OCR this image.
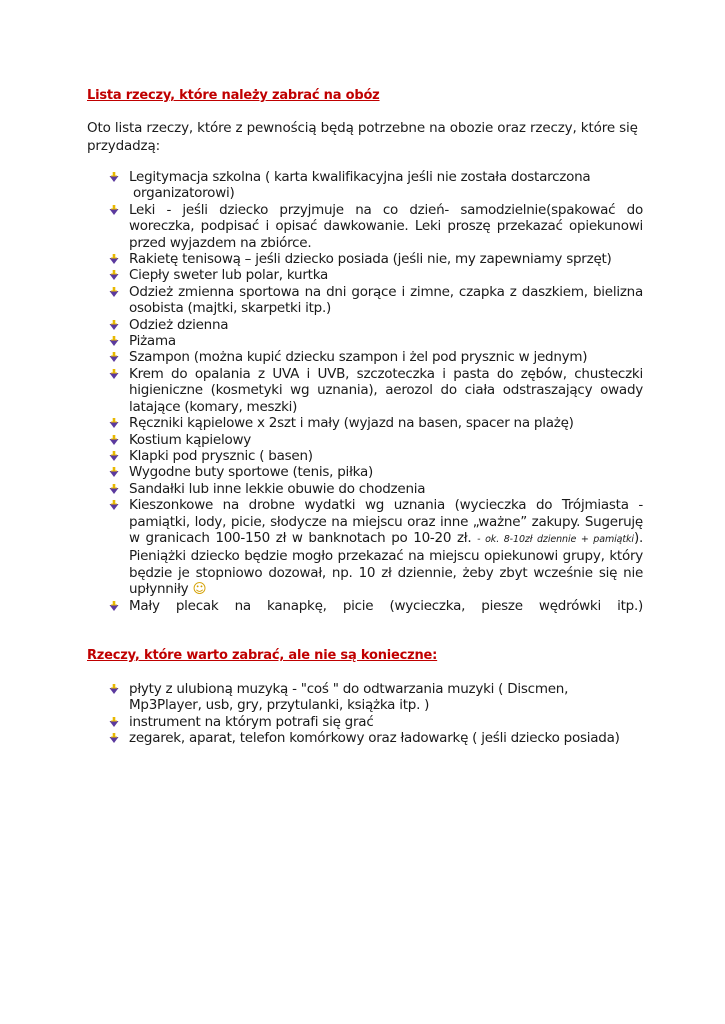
Lista rzeczy, które należy zabrać na obóz
Oto lista rzeczy, które z pewnością będą potrzebne na obozie oraz rzeczy, które się przydadzą:
Legitymacja szkolna ( karta kwalifikacyjna jeśli nie została dostarczona
organizatorowi)
Leki - jeśli dziecko przyjmuje na co dzień- samodzielnie(spakować do woreczka, podpisać i opisać dawkowanie. Leki proszę przekazać opiekunowi przed wyjazdem na zbiórce.
Rakietę tenisową – jeśli dziecko posiada (jeśli nie, my zapewniamy sprzęt)
Ciepły sweter lub polar, kurtka
Odzież zmienna sportowa na dni gorące i zimne, czapka z daszkiem, bielizna osobista (majtki, skarpetki itp.)
Odzież dzienna
Piżama
Szampon (można kupić dziecku szampon i żel pod prysznic w jednym)
Krem do opalania z UVA i UVB, szczoteczka i pasta do zębów, chusteczki higieniczne (kosmetyki wg uznania), aerozol do ciała odstraszający owady latające (komary, meszki)
Ręczniki kąpielowe x 2szt i mały (wyjazd na basen, spacer na plażę)
Kostium kąpielowy
Klapki pod prysznic ( basen)
Wygodne buty sportowe (tenis, piłka)
Sandałki lub inne lekkie obuwie do chodzenia
Kieszonkowe na drobne wydatki wg uznania (wycieczka do Trójmiasta - pamiątki, lody, picie, słodycze na miejscu oraz inne „ważne” zakupy. Sugeruję w granicach 100-150 zł w banknotach po 10-20 zł. - ok. 8-10zł dziennie + pamiątki). Pieniążki dziecko będzie mogło przekazać na miejscu opiekunowi grupy, który będzie je stopniowo dozował, np. 10 zł dziennie, żeby zbyt wcześnie się nie upłynniły ☺
Mały plecak na kanapkę, picie (wycieczka, piesze wędrówki itp.)
Rzeczy, które warto zabrać, ale nie są konieczne:
płyty z ulubioną muzyką - "coś " do odtwarzania muzyki ( Discmen, Mp3Player, usb, gry, przytulanki, książka itp. )
instrument na którym potrafi się grać
zegarek, aparat, telefon komórkowy oraz ładowarkę ( jeśli dziecko posiada)
